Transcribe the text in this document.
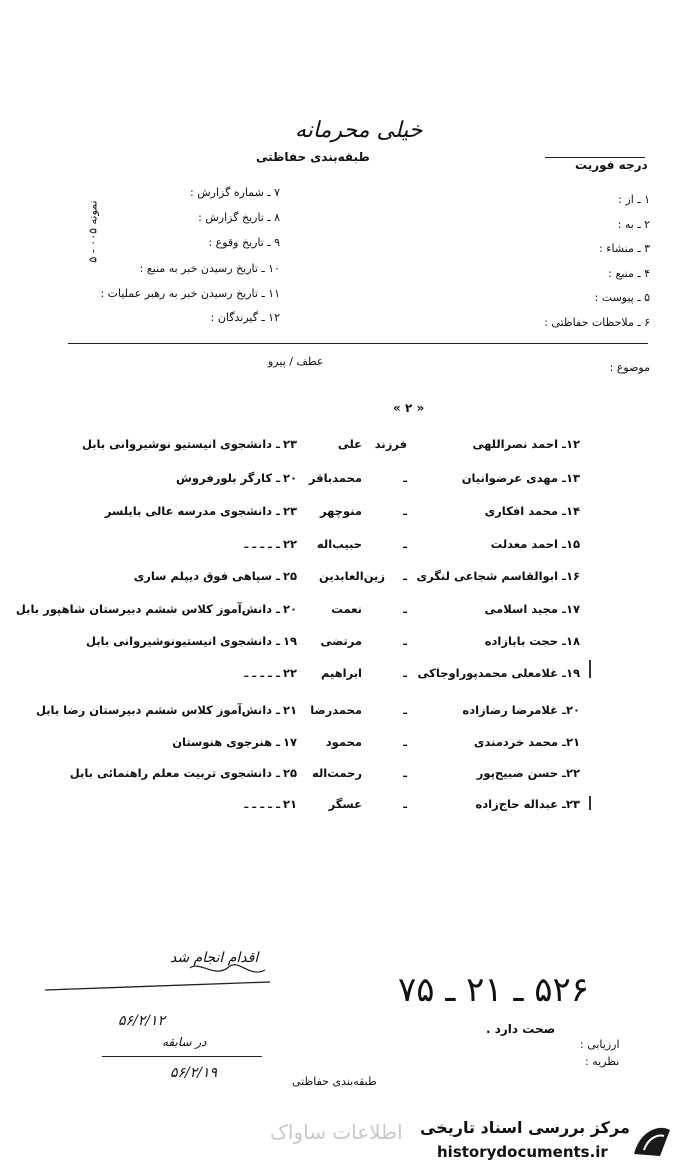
خیلی محرمانه
طبقه‌بندی حفاظتی
درجه فوریت
نمونه ۰۰۵ - ۵
۷ ـ شماره گزارش :
۸ ـ تاریخ گزارش :
۹ ـ تاریخ وقوع :
۱۰ ـ تاریخ رسیدن خبر به منبع :
۱۱ ـ تاریخ رسیدن خبر به رهبر عملیات :
۱۲ ـ گیرندگان :
۱ ـ از :
۲ ـ به :
۳ ـ منشاء :
۴ ـ منبع :
۵ ـ پیوست :
۶ ـ ملاحظات حفاظتی :
موضوع :
عطف / پیرو
« ۲ »
۱۲ـ احمد نصراللهی
فرزند
علی
۲۳
ـ دانشجوی انیستیو نوشیروانی بابل
۱۳ـ مهدی عرضوانیان
ـ
محمدباقر
۲۰
ـ کارگر بلورفروش
۱۴ـ محمد افکاری
ـ
منوچهر
۲۳
ـ دانشجوی مدرسه عالی بابلسر
۱۵ـ احمد معدلت
ـ
حبیب‌اله
۲۲
ـ ـ ـ ـ ـ
۱۶ـ ابوالقاسم شجاعی لنگری
ـ
زین‌العابدین
۲۵
ـ سپاهی فوق دیپلم ساری
۱۷ـ مجید اسلامی
ـ
نعمت
۲۰
ـ دانش‌آموز کلاس ششم دبیرستان شاهپور بابل
۱۸ـ حجت بابازاده
ـ
مرتضی
۱۹
ـ دانشجوی انیستیونوشیروانی بابل
۱۹ـ غلامعلی محمدپوراوجاکی
ـ
ابراهیم
۲۲
ـ ـ ـ ـ ـ
۲۰ـ غلامرضا رضازاده
ـ
محمدرضا
۲۱
ـ دانش‌آموز کلاس ششم دبیرستان رضا بابل
۲۱ـ محمد خردمندی
ـ
محمود
۱۷
ـ هنرجوی هنوستان
۲۲ـ حسن صبیح‌پور
ـ
رحمت‌اله
۲۵
ـ دانشجوی تربیت معلم راهنمائی بابل
۲۳ـ عبداله حاج‌زاده
ـ
عسگر
۲۱
ـ ـ ـ ـ ـ
اقدام انجام شد
۵۶/۲/۱۲
در سابقه
۵۶/۲/۱۹
۵۲۶ ـ ۲۱ ـ ۷۵
صحت دارد .
ارزیابی :
نظریه :
طبقه‌بندی حفاظتی
اطلاعات ساواک مرکز بررسی اسناد تاریخی
historydocuments.ir
